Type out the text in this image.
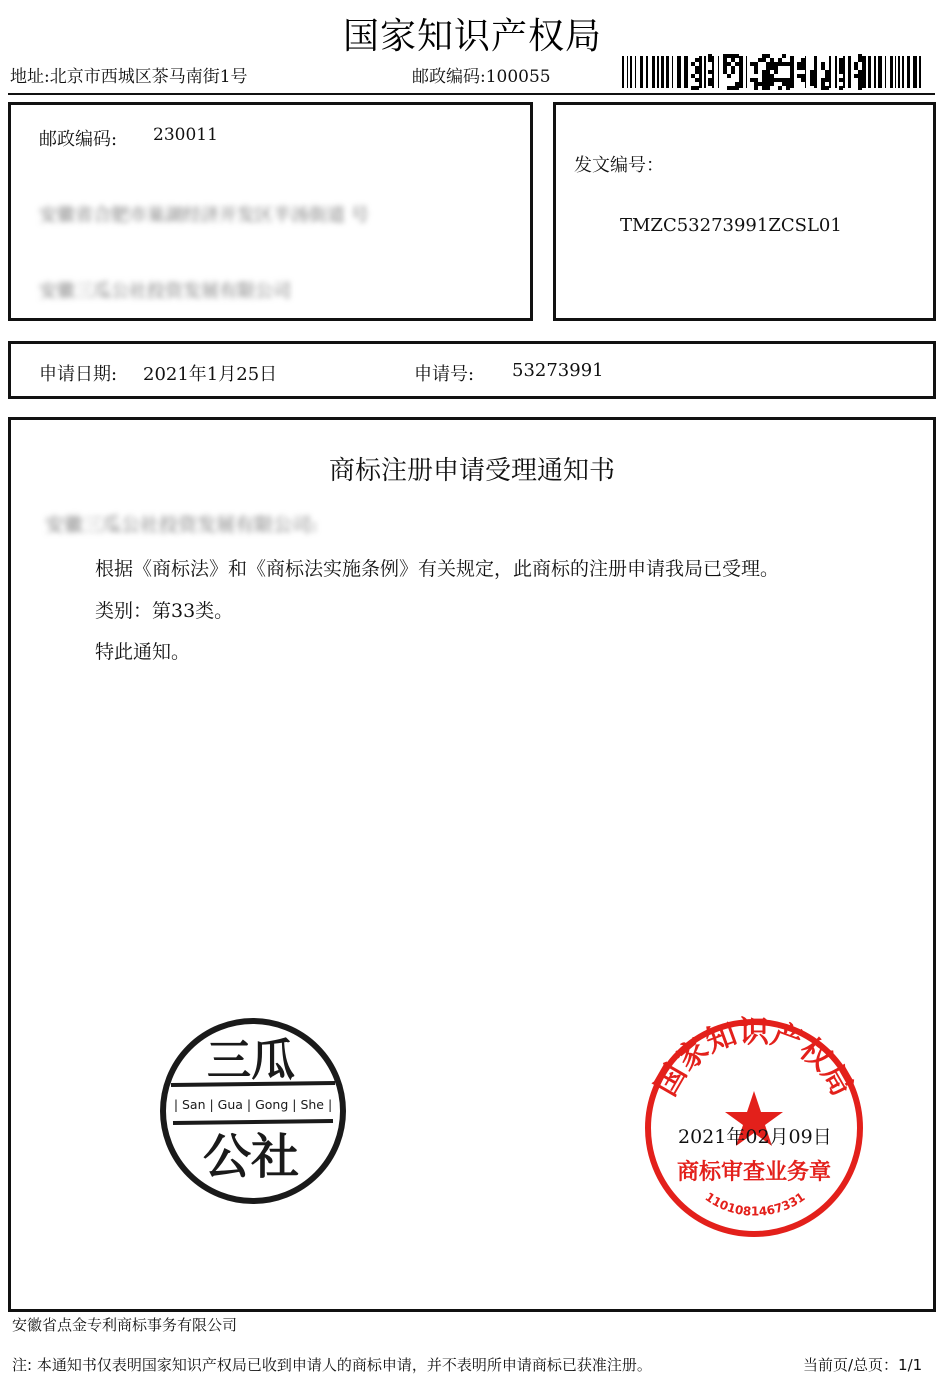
国家知识产权局
地址:北京市西城区茶马南街1号	邮政编码:100055
邮政编码: 230011
安徽省合肥市巢湖经济开发区半汤街道 号
安徽三瓜公社投资发展有限公司
发文编号：
TMZC53273991ZCSL01
申请日期: 2021年1月25日	申请号: 53273991
商标注册申请受理通知书
安徽三瓜公社投资发展有限公司:
根据《商标法》和《商标法实施条例》有关规定，此商标的注册申请我局已受理。
类别：第33类。
特此通知。
三瓜
| San | Gua | Gong | She |
公社
国家知识产权局
商标审查业务章
1101081467331
2021年02月09日
安徽省点金专利商标事务有限公司
注: 本通知书仅表明国家知识产权局已收到申请人的商标申请，并不表明所申请商标已获准注册。	当前页/总页：1/1
